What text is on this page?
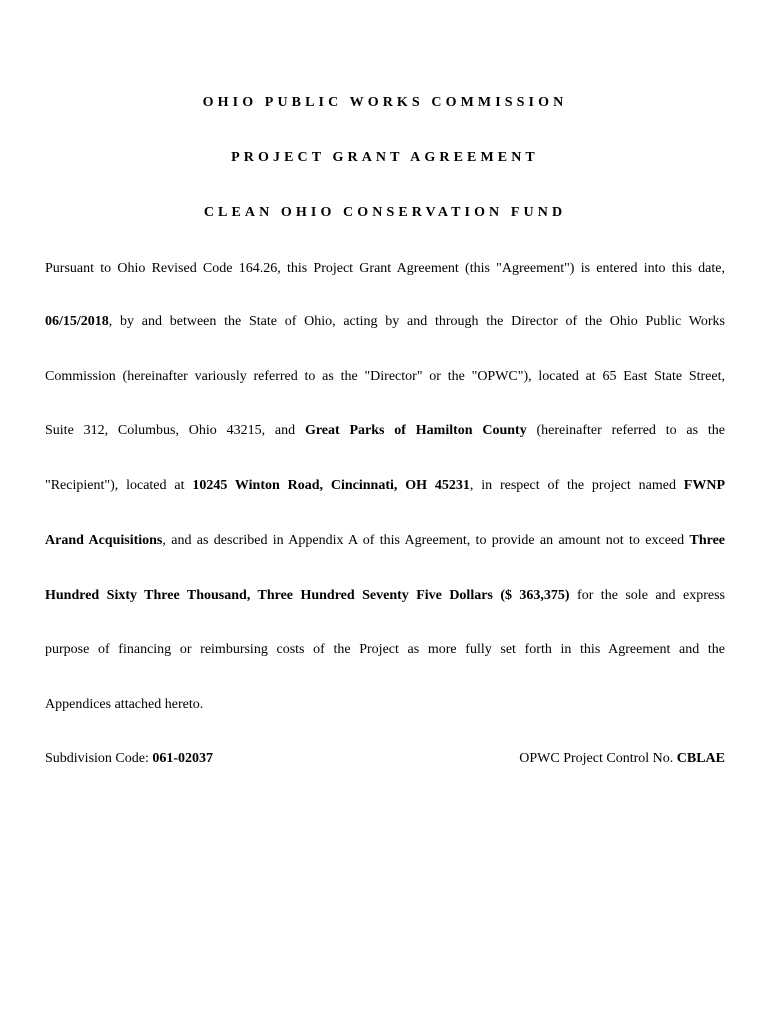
OHIO PUBLIC WORKS COMMISSION

PROJECT GRANT AGREEMENT

CLEAN OHIO CONSERVATION FUND

Pursuant to Ohio Revised Code 164.26, this Project Grant Agreement (this "Agreement") is entered into this date,
06/15/2018, by and between the State of Ohio, acting by and through the Director of the Ohio Public Works
Commission (hereinafter variously referred to as the "Director" or the "OPWC"), located at 65 East State Street,
Suite 312, Columbus, Ohio 43215, and Great Parks of Hamilton County (hereinafter referred to as the
"Recipient"), located at 10245 Winton Road, Cincinnati, OH 45231, in respect of the project named FWNP
Arand Acquisitions, and as described in Appendix A of this Agreement, to provide an amount not to exceed Three
Hundred Sixty Three Thousand, Three Hundred Seventy Five Dollars ($ 363,375) for the sole and express
purpose of financing or reimbursing costs of the Project as more fully set forth in this Agreement and the
Appendices attached hereto.
Subdivision Code: 061-02037	OPWC Project Control No. CBLAE
